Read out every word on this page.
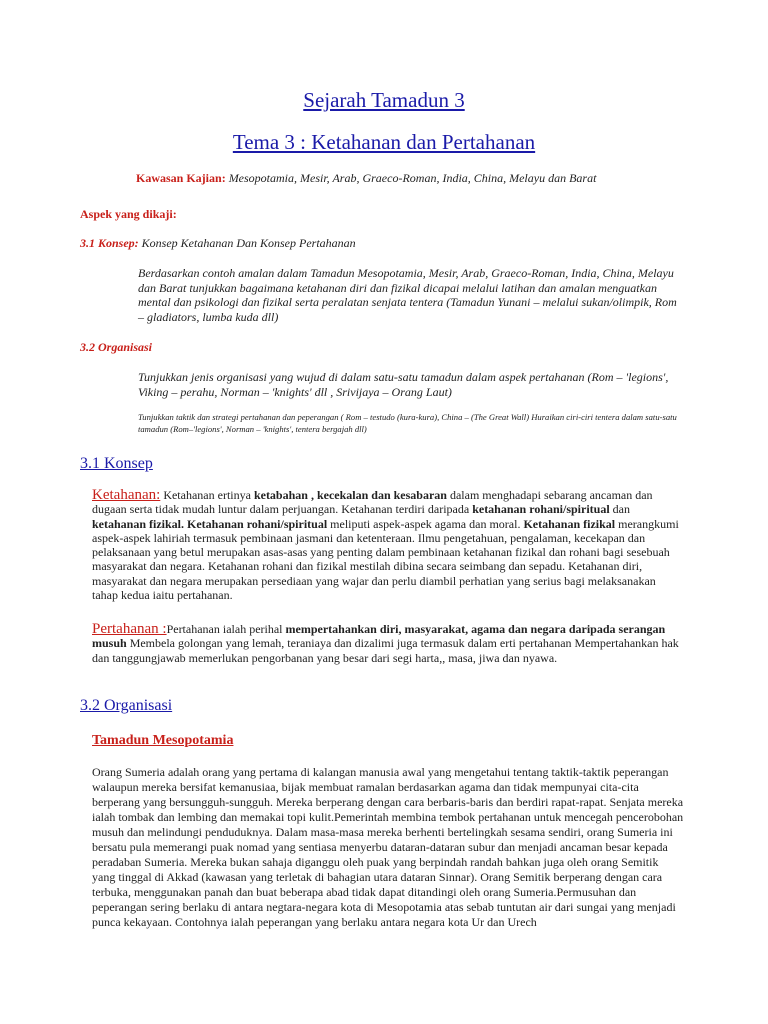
Sejarah Tamadun 3
Tema 3 : Ketahanan dan Pertahanan
Kawasan Kajian: Mesopotamia, Mesir, Arab, Graeco-Roman, India, China, Melayu dan Barat
Aspek yang dikaji:
3.1 Konsep: Konsep Ketahanan Dan Konsep Pertahanan
Berdasarkan contoh amalan dalam Tamadun Mesopotamia, Mesir, Arab, Graeco-Roman, India, China, Melayu dan Barat tunjukkan bagaimana ketahanan diri dan fizikal dicapai melalui latihan dan amalan menguatkan mental dan psikologi dan fizikal serta peralatan senjata tentera (Tamadun Yunani – melalui sukan/olimpik, Rom – gladiators, lumba kuda dll)
3.2 Organisasi
Tunjukkan jenis organisasi yang wujud di dalam satu-satu tamadun dalam aspek pertahanan (Rom – 'legions', Viking – perahu, Norman – 'knights' dll , Srivijaya – Orang Laut)
Tunjukkan taktik dan strategi pertahanan dan peperangan ( Rom – testudo (kura-kura), China – (The Great Wall) Huraikan ciri-ciri tentera dalam satu-satu tamadun (Rom–'legions', Norman – 'knights', tentera bergajah dll)
3.1 Konsep
Ketahanan: Ketahanan ertinya ketabahan , kecekalan dan kesabaran dalam menghadapi sebarang ancaman dan dugaan serta tidak mudah luntur dalam perjuangan. Ketahanan terdiri daripada ketahanan rohani/spiritual dan ketahanan fizikal. Ketahanan rohani/spiritual meliputi aspek-aspek agama dan moral. Ketahanan fizikal merangkumi aspek-aspek lahiriah termasuk pembinaan jasmani dan ketenteraan. Ilmu pengetahuan, pengalaman, kecekapan dan pelaksanaan yang betul merupakan asas-asas yang penting dalam pembinaan ketahanan fizikal dan rohani bagi sesebuah masyarakat dan negara. Ketahanan rohani dan fizikal mestilah dibina secara seimbang dan sepadu. Ketahanan diri, masyarakat dan negara merupakan persediaan yang wajar dan perlu diambil perhatian yang serius bagi melaksanakan tahap kedua iaitu pertahanan.
Pertahanan :Pertahanan ialah perihal mempertahankan diri, masyarakat, agama dan negara daripada serangan musuh Membela golongan yang lemah, teraniaya dan dizalimi juga termasuk dalam erti pertahanan Mempertahankan hak dan tanggungjawab memerlukan pengorbanan yang besar dari segi harta,, masa, jiwa dan nyawa.
3.2 Organisasi
Tamadun Mesopotamia
Orang Sumeria adalah orang yang pertama di kalangan manusia awal yang mengetahui tentang taktik-taktik peperangan walaupun mereka bersifat kemanusiaa, bijak membuat ramalan berdasarkan agama dan tidak mempunyai cita-cita berperang yang bersungguh-sungguh. Mereka berperang dengan cara berbaris-baris dan berdiri rapat-rapat. Senjata mereka ialah tombak dan lembing dan memakai topi kulit.Pemerintah membina tembok pertahanan untuk mencegah pencerobohan musuh dan melindungi penduduknya. Dalam masa-masa mereka berhenti bertelingkah sesama sendiri, orang Sumeria ini bersatu pula memerangi puak nomad yang sentiasa menyerbu dataran-dataran subur dan menjadi ancaman besar kepada peradaban Sumeria. Mereka bukan sahaja diganggu oleh puak yang berpindah randah bahkan juga oleh orang Semitik yang tinggal di Akkad (kawasan yang terletak di bahagian utara dataran Sinnar). Orang Semitik berperang dengan cara terbuka, menggunakan panah dan buat beberapa abad tidak dapat ditandingi oleh orang Sumeria.Permusuhan dan peperangan sering berlaku di antara negtara-negara kota di Mesopotamia atas sebab tuntutan air dari sungai yang menjadi punca kekayaan. Contohnya ialah peperangan yang berlaku antara negara kota Ur dan Urech
